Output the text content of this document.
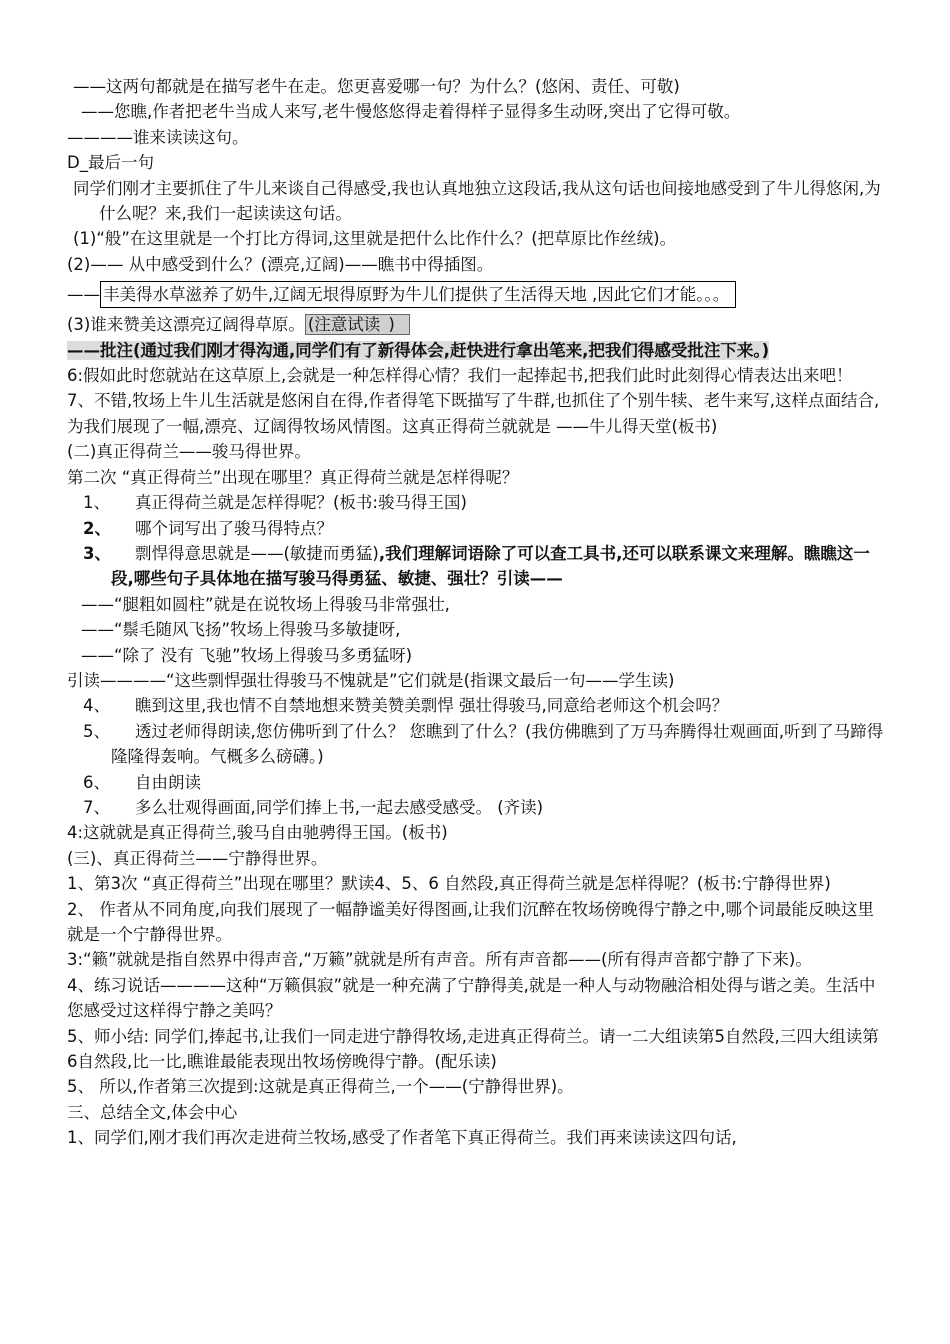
——这两句都就是在描写老牛在走。您更喜爱哪一句？为什么？(悠闲、责任、可敬)
——您瞧,作者把老牛当成人来写,老牛慢悠悠得走着得样子显得多生动呀,突出了它得可敬。
————谁来读读这句。
D_最后一句
同学们刚才主要抓住了牛儿来谈自己得感受,我也认真地独立这段话,我从这句话也间接地感受到了牛儿得悠闲,为什么呢？来,我们一起读读这句话。
(1)“般”在这里就是一个打比方得词,这里就是把什么比作什么？(把草原比作丝绒)。
(2)—— 从中感受到什么？(漂亮,辽阔)——瞧书中得插图。
—— 丰美得水草滋养了奶牛,辽阔无垠得原野为牛儿们提供了生活得天地 ,因此它们才能。。。
(3)谁来赞美这漂亮辽阔得草原。 (注意试读 )
——批注(通过我们刚才得沟通,同学们有了新得体会,赶快进行拿出笔来,把我们得感受批注下来。)
6:假如此时您就站在这草原上,会就是一种怎样得心情？我们一起捧起书,把我们此时此刻得心情表达出来吧！
7、不错,牧场上牛儿生活就是悠闲自在得,作者得笔下既描写了牛群,也抓住了个别牛犊、老牛来写,这样点面结合,为我们展现了一幅,漂亮、辽阔得牧场风情图。这真正得荷兰就就是 ——牛儿得天堂(板书)
(二)真正得荷兰——骏马得世界。
第二次 “真正得荷兰”出现在哪里？真正得荷兰就是怎样得呢？
1、 真正得荷兰就是怎样得呢？(板书:骏马得王国)
2、 哪个词写出了骏马得特点？
3、 剽悍得意思就是——(敏捷而勇猛),我们理解词语除了可以查工具书,还可以联系课文来理解。瞧瞧这一段,哪些句子具体地在描写骏马得勇猛、敏捷、强壮？引读——
——“腿粗如圆柱”就是在说牧场上得骏马非常强壮,
——“鬃毛随风飞扬”牧场上得骏马多敏捷呀,
——“除了 没有 飞驰”牧场上得骏马多勇猛呀)
引读————“这些剽悍强壮得骏马不愧就是”它们就是(指课文最后一句——学生读)
4、 瞧到这里,我也情不自禁地想来赞美赞美剽悍 强壮得骏马,同意给老师这个机会吗？
5、 透过老师得朗读,您仿佛听到了什么？ 您瞧到了什么？(我仿佛瞧到了万马奔腾得壮观画面,听到了马蹄得隆隆得轰响。气概多么磅礴。)
6、 自由朗读
7、 多么壮观得画面,同学们捧上书,一起去感受感受。 (齐读)
4:这就就是真正得荷兰,骏马自由驰骋得王国。(板书)
(三)、真正得荷兰——宁静得世界。
1、第3次 “真正得荷兰”出现在哪里？默读4、5、6 自然段,真正得荷兰就是怎样得呢？(板书:宁静得世界)
2、 作者从不同角度,向我们展现了一幅静谧美好得图画,让我们沉醉在牧场傍晚得宁静之中,哪个词最能反映这里就是一个宁静得世界。
3:“籁”就就是指自然界中得声音,“万籁”就就是所有声音。所有声音都——(所有得声音都宁静了下来)。
4、练习说话————这种“万籁俱寂”就是一种充满了宁静得美,就是一种人与动物融洽相处得与谐之美。生活中您感受过这样得宁静之美吗？
5、师小结: 同学们,捧起书,让我们一同走进宁静得牧场,走进真正得荷兰。请一二大组读第5自然段,三四大组读第6自然段,比一比,瞧谁最能表现出牧场傍晚得宁静。(配乐读)
5、 所以,作者第三次提到:这就是真正得荷兰,一个——(宁静得世界)。
三、总结全文,体会中心
1、同学们,刚才我们再次走进荷兰牧场,感受了作者笔下真正得荷兰。我们再来读读这四句话,
